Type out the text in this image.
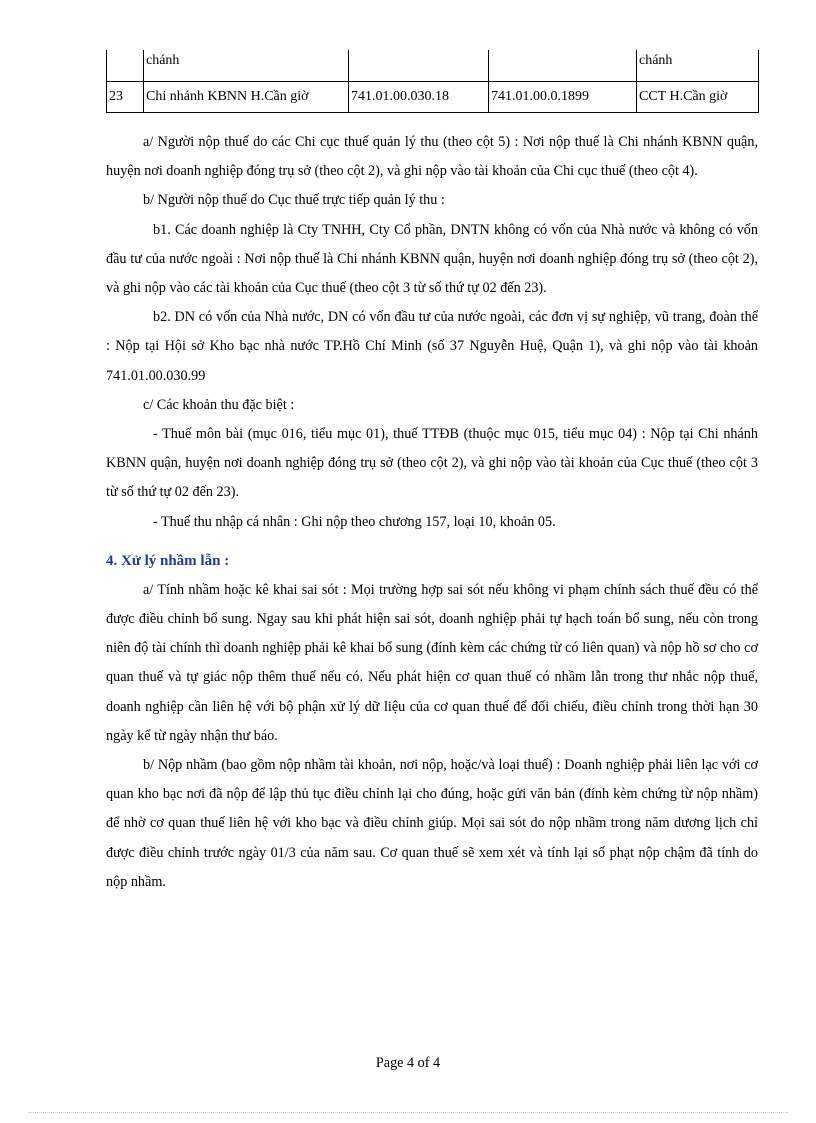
	chánh			chánh
23	Chi nhánh KBNN H.Cần giờ	741.01.00.030.18	741.01.00.0.1899	CCT H.Cần giờ

a/ Người nộp thuế do các Chi cục thuế quản lý thu (theo cột 5) : Nơi nộp thuế là Chi nhánh KBNN quận, huyện nơi doanh nghiệp đóng trụ sở (theo cột 2), và ghi nộp vào tài khoản của Chi cục thuế (theo cột 4).

b/ Người nộp thuế do Cục thuế trực tiếp quản lý thu :

b1. Các doanh nghiệp là Cty TNHH, Cty Cổ phần, DNTN không có vốn của Nhà nước và không có vốn đầu tư của nước ngoài : Nơi nộp thuế là Chi nhánh KBNN quận, huyện nơi doanh nghiệp đóng trụ sở (theo cột 2), và ghi nộp vào các tài khoản của Cục thuế (theo cột 3 từ số thứ tự 02 đến 23).

b2. DN có vốn của Nhà nước, DN có vốn đầu tư của nước ngoài, các đơn vị sự nghiệp, vũ trang, đoàn thể : Nộp tại Hội sở Kho bạc nhà nước TP.Hồ Chí Minh (số 37 Nguyễn Huệ, Quận 1), và ghi nộp vào tài khoản 741.01.00.030.99

c/ Các khoản thu đặc biệt :

- Thuế môn bài (mục 016, tiểu mục 01), thuế TTĐB (thuộc mục 015, tiểu mục 04) : Nộp tại Chi nhánh KBNN quận, huyện nơi doanh nghiệp đóng trụ sở (theo cột 2), và ghi nộp vào tài khoản của Cục thuế (theo cột 3 từ số thứ tự 02 đến 23).

- Thuế thu nhập cá nhân : Ghi nộp theo chương 157, loại 10, khoản 05.

4. Xử lý nhầm lẫn :

a/ Tính nhầm hoặc kê khai sai sót : Mọi trường hợp sai sót nếu không vi phạm chính sách thuế đều có thể được điều chỉnh bổ sung. Ngay sau khi phát hiện sai sót, doanh nghiệp phải tự hạch toán bổ sung, nếu còn trong niên độ tài chính thì doanh nghiệp phải kê khai bổ sung (đính kèm các chứng từ có liên quan) và nộp hồ sơ cho cơ quan thuế và tự giác nộp thêm thuế nếu có. Nếu phát hiện cơ quan thuế có nhầm lẫn trong thư nhắc nộp thuế, doanh nghiệp cần liên hệ với bộ phận xử lý dữ liệu của cơ quan thuế để đối chiếu, điều chỉnh trong thời hạn 30 ngày kể từ ngày nhận thư báo.

b/ Nộp nhầm (bao gồm nộp nhầm tài khoản, nơi nộp, hoặc/và loại thuế) : Doanh nghiệp phải liên lạc với cơ quan kho bạc nơi đã nộp để lập thủ tục điều chỉnh lại cho đúng, hoặc gửi văn bản (đính kèm chứng từ nộp nhầm) để nhờ cơ quan thuế liên hệ với kho bạc và điều chỉnh giúp. Mọi sai sót do nộp nhầm trong năm dương lịch chỉ được điều chỉnh trước ngày 01/3 của năm sau. Cơ quan thuế sẽ xem xét và tính lại số phạt nộp chậm đã tính do nộp nhầm.

Page 4 of 4
